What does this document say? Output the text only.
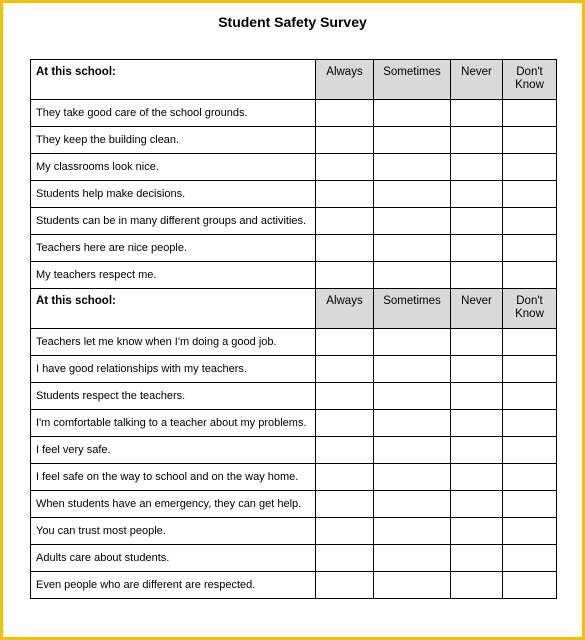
Student Safety Survey
At this school:	Always	Sometimes	Never	Don't Know
They take good care of the school grounds.				
They keep the building clean.				
My classrooms look nice.				
Students help make decisions.				
Students can be in many different groups and activities.				
Teachers here are nice people.				
My teachers respect me.				
At this school:	Always	Sometimes	Never	Don't Know
Teachers let me know when I'm doing a good job.				
I have good relationships with my teachers.				
Students respect the teachers.				
I'm comfortable talking to a teacher about my problems.				
I feel very safe.				
I feel safe on the way to school and on the way home.				
When students have an emergency, they can get help.				
You can trust most people.				
Adults care about students.				
Even people who are different are respected.				
